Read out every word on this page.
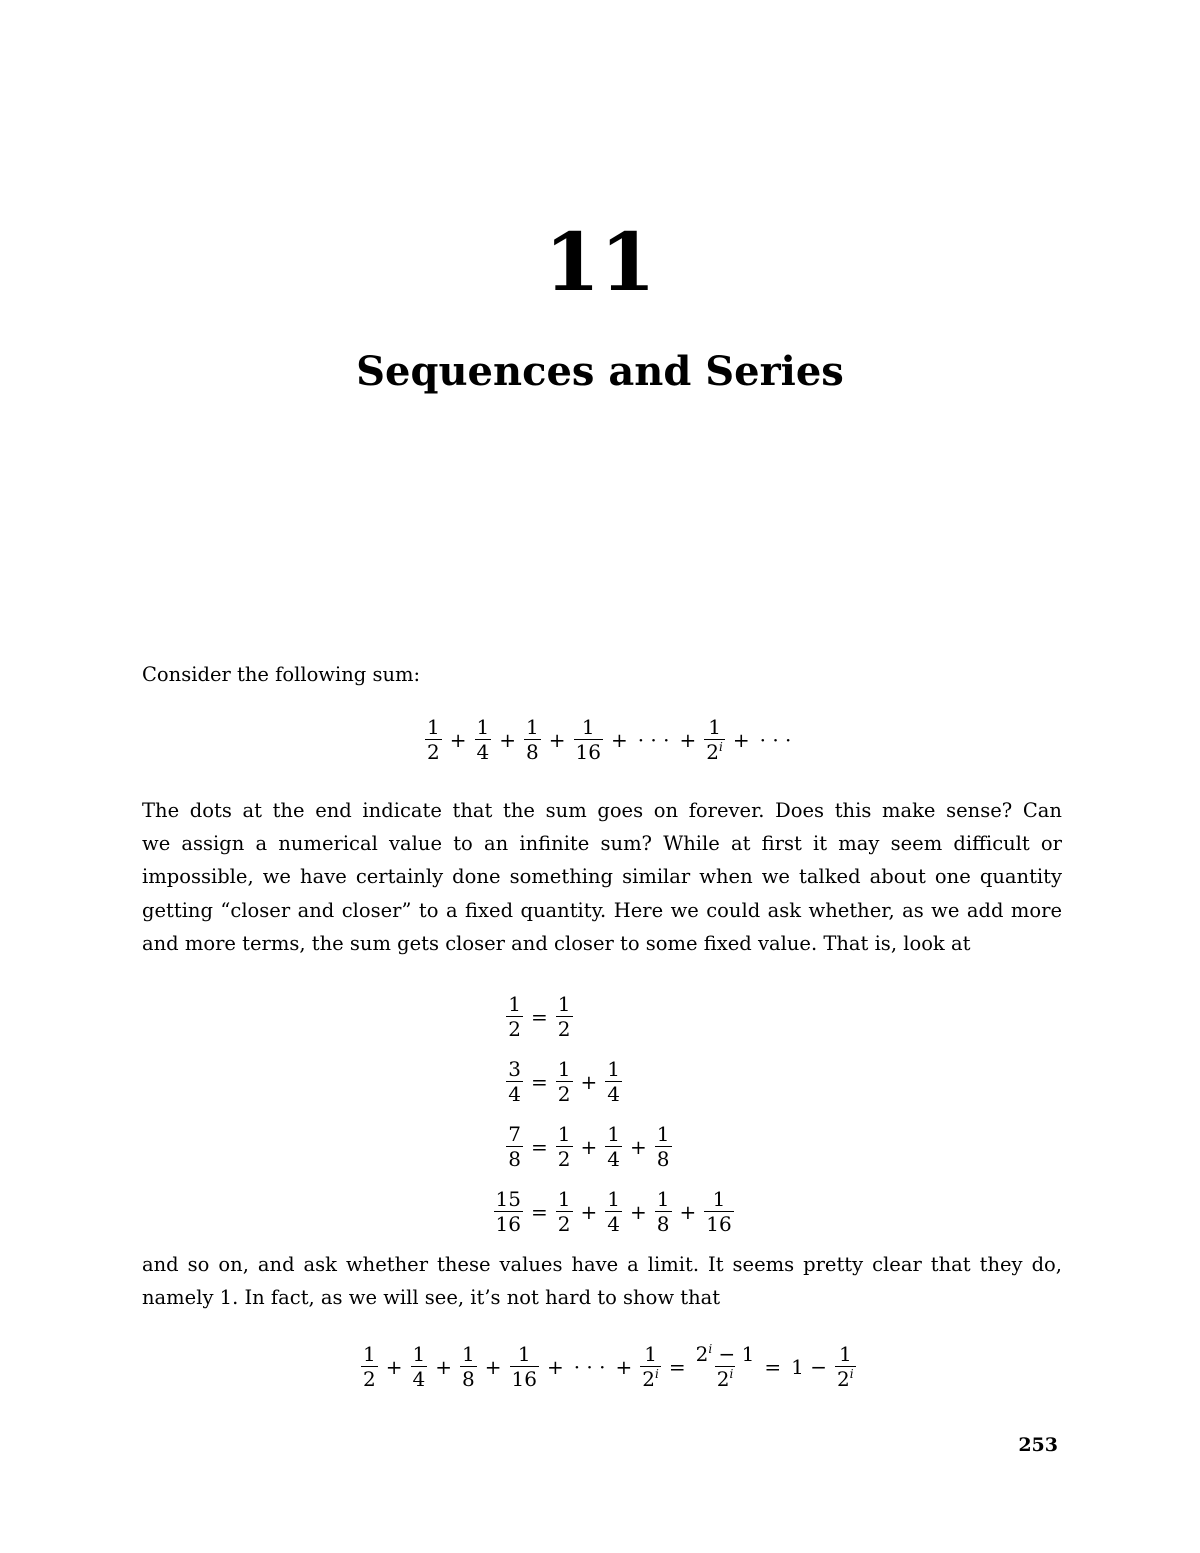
11
Sequences and Series
Consider the following sum:
$\frac{1}{2} + \frac{1}{4} + \frac{1}{8} + \frac{1}{16}$ + · · · + $\frac{1}{2^i}$ + · · ·
The dots at the end indicate that the sum goes on forever. Does this make sense? Can
we assign a numerical value to an infinite sum? While at first it may seem difficult or
impossible, we have certainly done something similar when we talked about one quantity
getting “closer and closer” to a fixed quantity. Here we could ask whether, as we add more
and more terms, the sum gets closer and closer to some fixed value. That is, look at
$\frac{1}{2} = \frac{1}{2}$
$\frac{3}{4} = \frac{1}{2} + \frac{1}{4}$
$\frac{7}{8} = \frac{1}{2} + \frac{1}{4} + \frac{1}{8}$
$\frac{15}{16} = \frac{1}{2} + \frac{1}{4} + \frac{1}{8} + \frac{1}{16}$
and so on, and ask whether these values have a limit. It seems pretty clear that they do,
namely 1. In fact, as we will see, it’s not hard to show that
$\frac{1}{2} + \frac{1}{4} + \frac{1}{8} + \frac{1}{16}$ + · · · + $\frac{1}{2^i} = \frac{2^i - 1}{2^i} = 1 - \frac{1}{2^i}$
253
